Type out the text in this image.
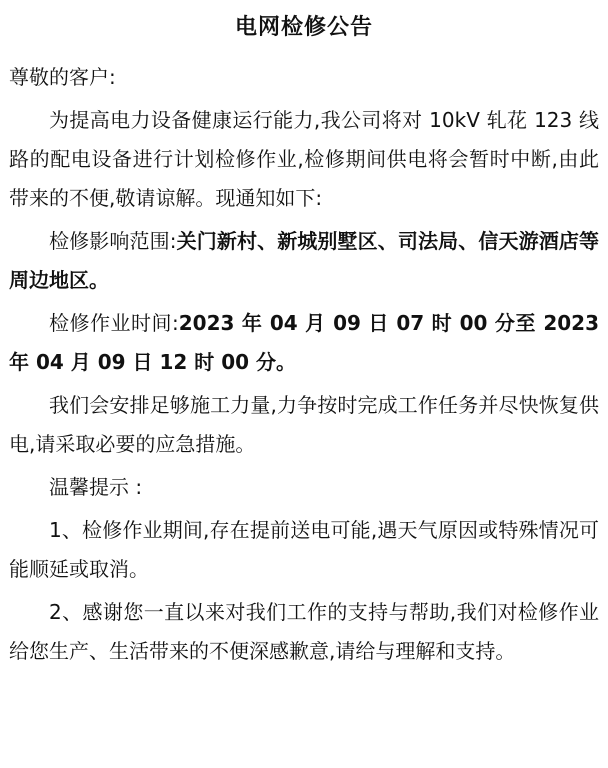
电网检修公告
尊敬的客户:
为提高电力设备健康运行能力,我公司将对 10kV 轧花 123 线路的配电设备进行计划检修作业,检修期间供电将会暂时中断,由此带来的不便,敬请谅解。现通知如下:
检修影响范围:关门新村、新城别墅区、司法局、信天游酒店等周边地区。
检修作业时间:2023 年 04 月 09 日 07 时 00 分至 2023 年 04 月 09 日 12 时 00 分。
我们会安排足够施工力量,力争按时完成工作任务并尽快恢复供电,请采取必要的应急措施。
温馨提示 :
1、检修作业期间,存在提前送电可能,遇天气原因或特殊情况可能顺延或取消。
2、感谢您一直以来对我们工作的支持与帮助,我们对检修作业给您生产、生活带来的不便深感歉意,请给与理解和支持。
